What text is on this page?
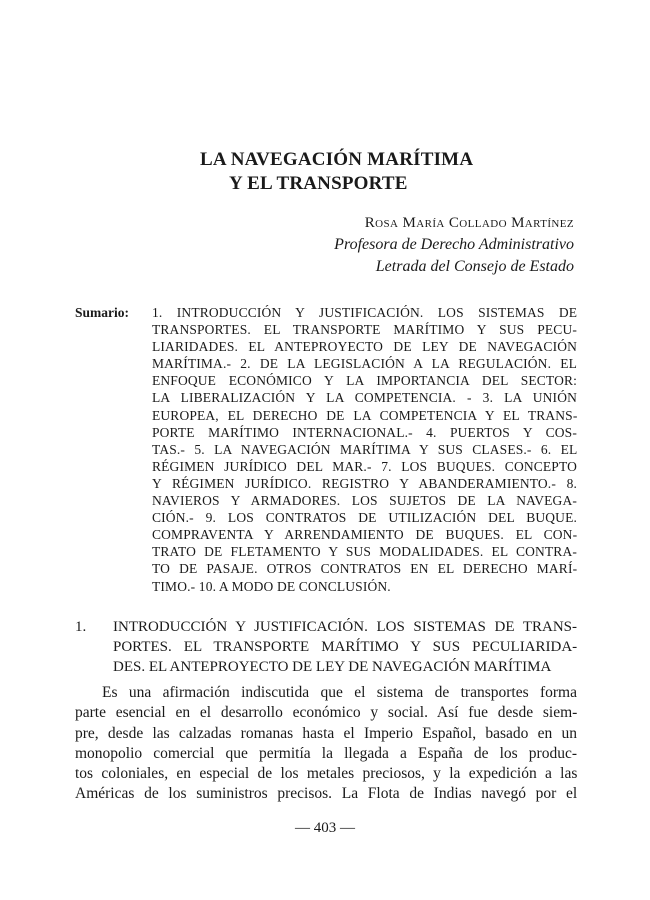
LA NAVEGACIÓN MARÍTIMA
Y EL TRANSPORTE
Rosa María Collado Martínez
Profesora de Derecho Administrativo
Letrada del Consejo de Estado
Sumario: 1. INTRODUCCIÓN Y JUSTIFICACIÓN. LOS SISTEMAS DE
TRANSPORTES. EL TRANSPORTE MARÍTIMO Y SUS PECU-
LIARIDADES. EL ANTEPROYECTO DE LEY DE NAVEGACIÓN
MARÍTIMA.- 2. DE LA LEGISLACIÓN A LA REGULACIÓN. EL
ENFOQUE ECONÓMICO Y LA IMPORTANCIA DEL SECTOR:
LA LIBERALIZACIÓN Y LA COMPETENCIA. - 3. LA UNIÓN
EUROPEA, EL DERECHO DE LA COMPETENCIA Y EL TRANS-
PORTE MARÍTIMO INTERNACIONAL.- 4. PUERTOS Y COS-
TAS.- 5. LA NAVEGACIÓN MARÍTIMA Y SUS CLASES.- 6. EL
RÉGIMEN JURÍDICO DEL MAR.- 7. LOS BUQUES. CONCEPTO
Y RÉGIMEN JURÍDICO. REGISTRO Y ABANDERAMIENTO.- 8.
NAVIEROS Y ARMADORES. LOS SUJETOS DE LA NAVEGA-
CIÓN.- 9. LOS CONTRATOS DE UTILIZACIÓN DEL BUQUE.
COMPRAVENTA Y ARRENDAMIENTO DE BUQUES. EL CON-
TRATO DE FLETAMENTO Y SUS MODALIDADES. EL CONTRA-
TO DE PASAJE. OTROS CONTRATOS EN EL DERECHO MARÍ-
TIMO.- 10. A MODO DE CONCLUSIÓN.
1. INTRODUCCIÓN Y JUSTIFICACIÓN. LOS SISTEMAS DE TRANS-
PORTES. EL TRANSPORTE MARÍTIMO Y SUS PECULIARIDA-
DES. EL ANTEPROYECTO DE LEY DE NAVEGACIÓN MARÍTIMA
Es una afirmación indiscutida que el sistema de transportes forma
parte esencial en el desarrollo económico y social. Así fue desde siem-
pre, desde las calzadas romanas hasta el Imperio Español, basado en un
monopolio comercial que permitía la llegada a España de los produc-
tos coloniales, en especial de los metales preciosos, y la expedición a las
Américas de los suministros precisos. La Flota de Indias navegó por el
— 403 —
